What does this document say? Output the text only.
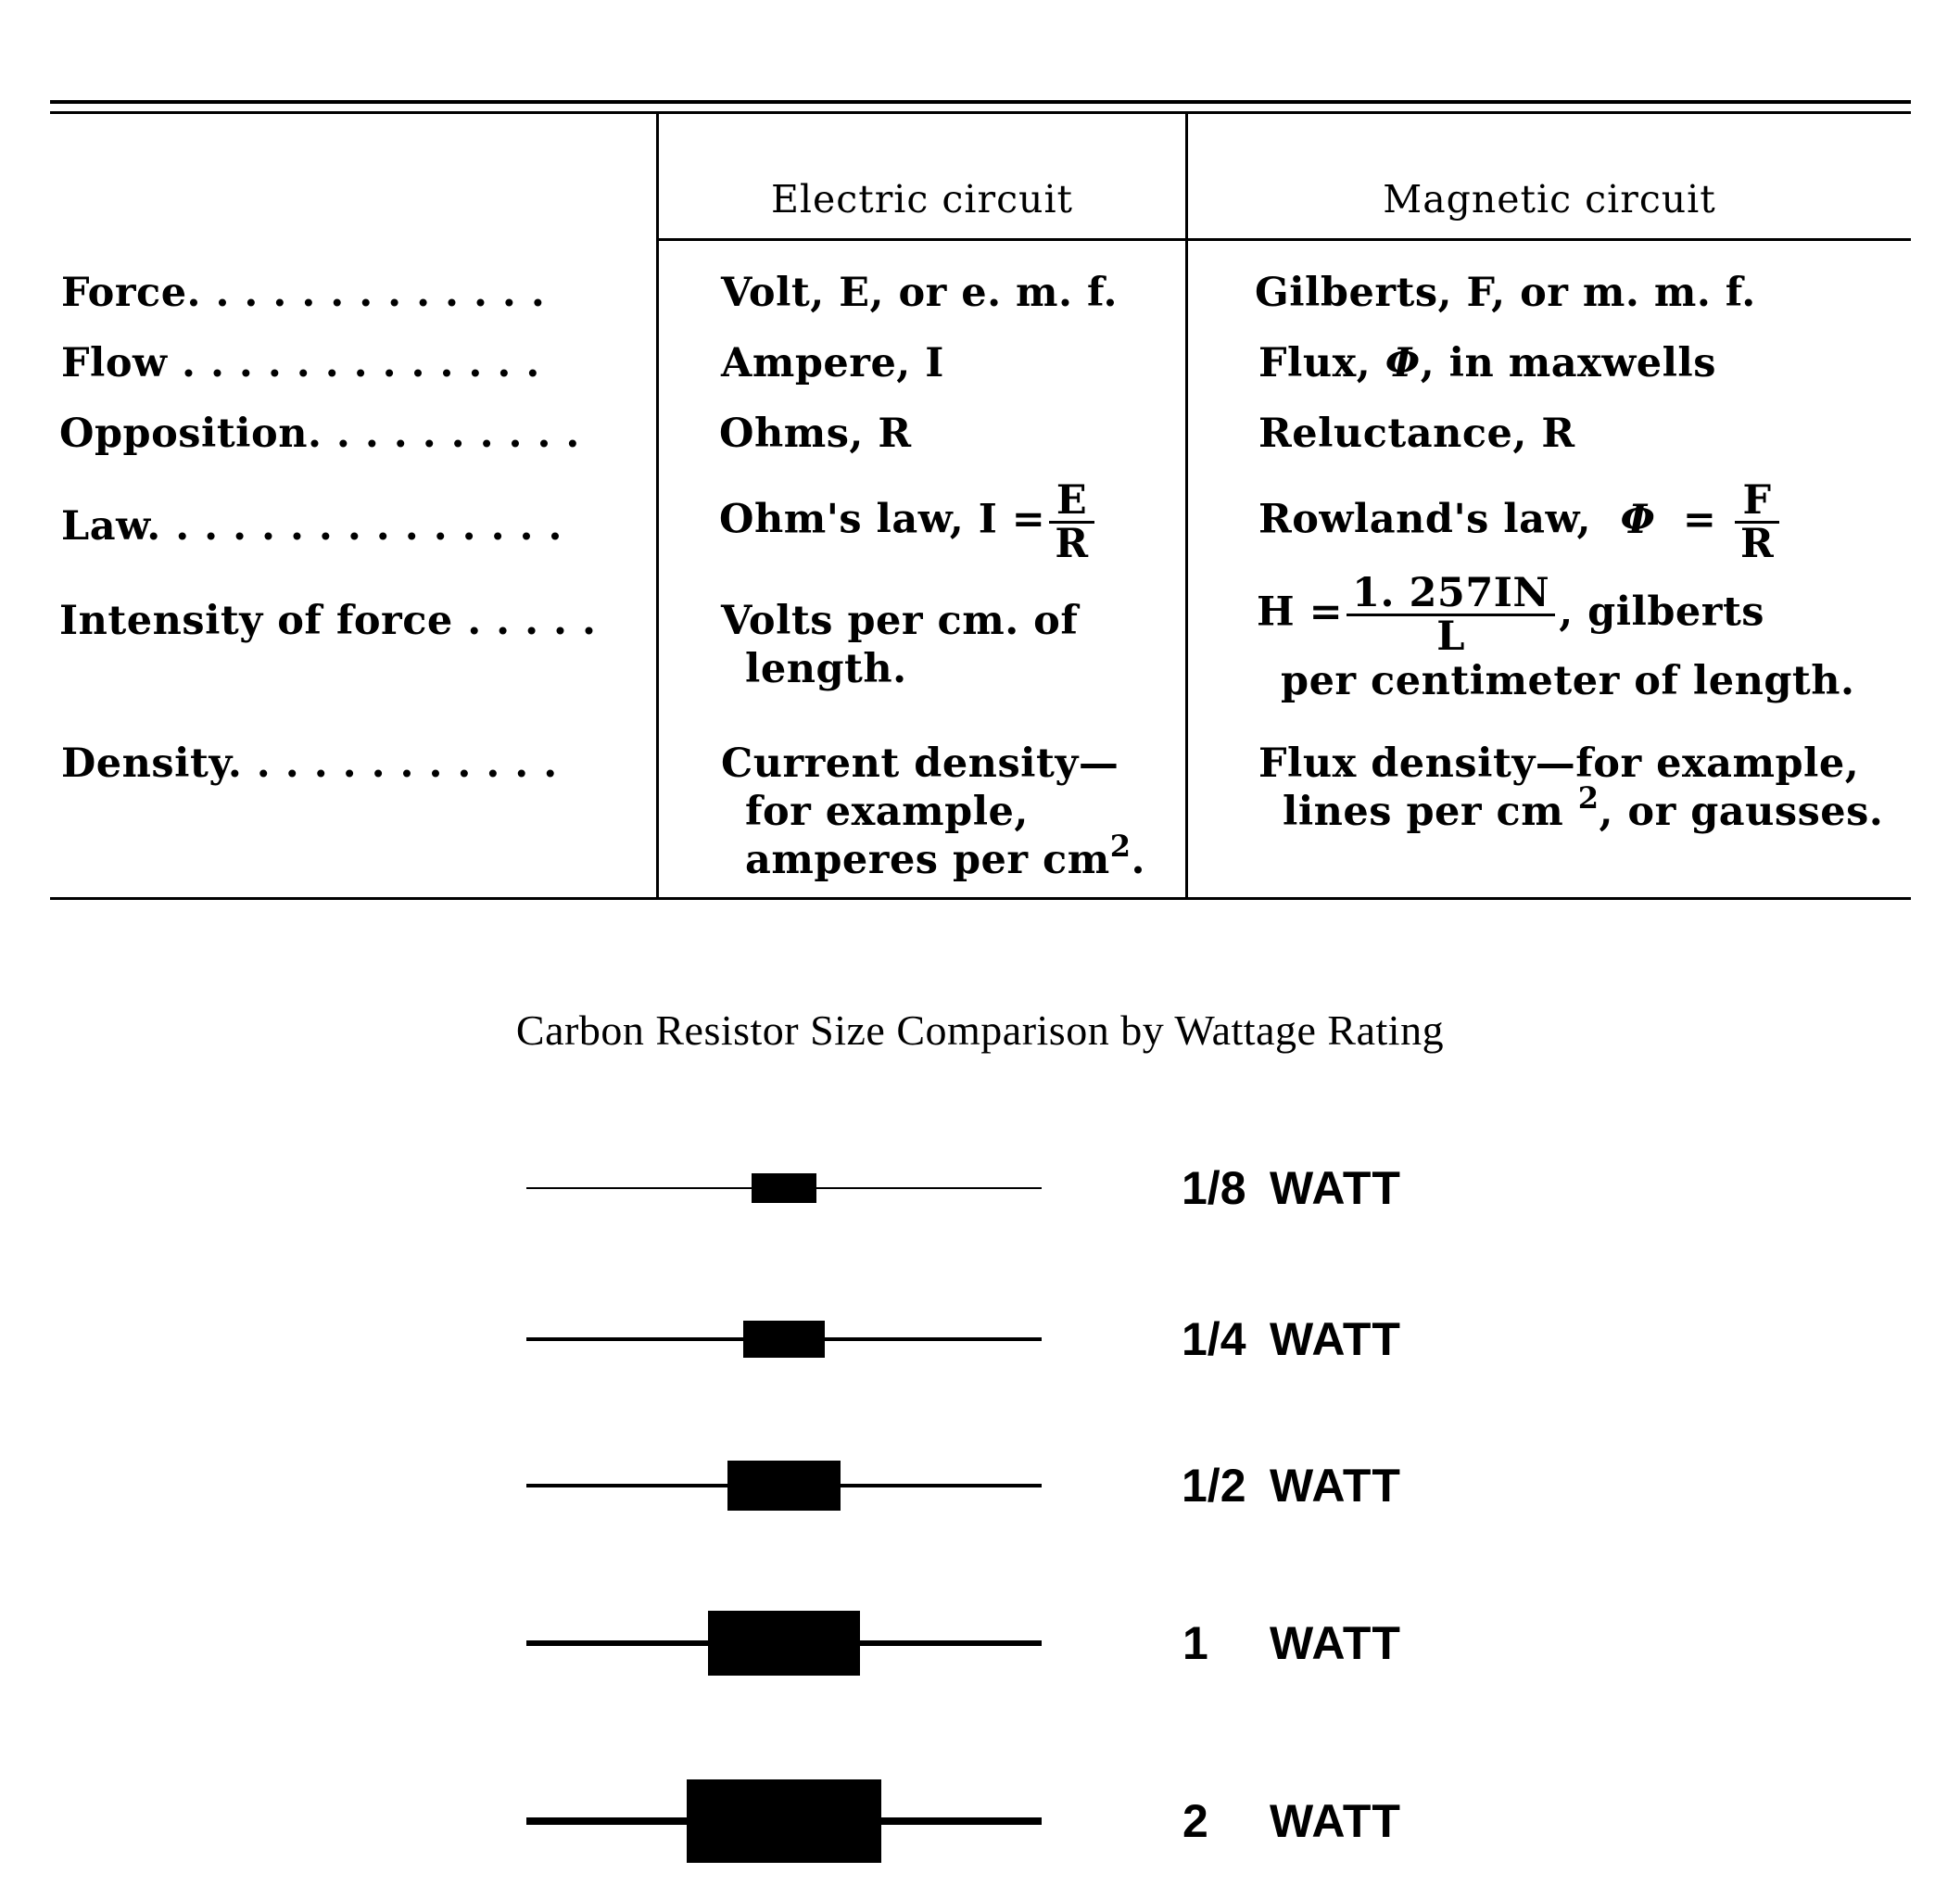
Electric circuit	Magnetic circuit
Force. . . . . . . . . . . . .
Flow . . . . . . . . . . . . .
Opposition. . . . . . . . . .
Law. . . . . . . . . . . . . . .
Intensity of force . . . . .
Density. . . . . . . . . . . .
Volt, E, or e. m. f.
Ampere, I
Ohms, R
Ohm's law, $I = \frac{E}{R}$
Volts per cm. of
length.
Current density—
for example,
amperes per $cm^2$.
Gilberts, F, or m. m. f.
Flux, Φ, in maxwells
Reluctance, R
Rowland's law, $\Phi = \frac{F}{R}$
$H = \frac{1. 257IN}{L}$ , gilberts
per centimeter of length.
Flux density—for example,
lines per cm $^2$, or gausses.
Carbon Resistor Size Comparison by Wattage Rating
1/8 WATT
1/4 WATT
1/2 WATT
1 WATT
2 WATT
